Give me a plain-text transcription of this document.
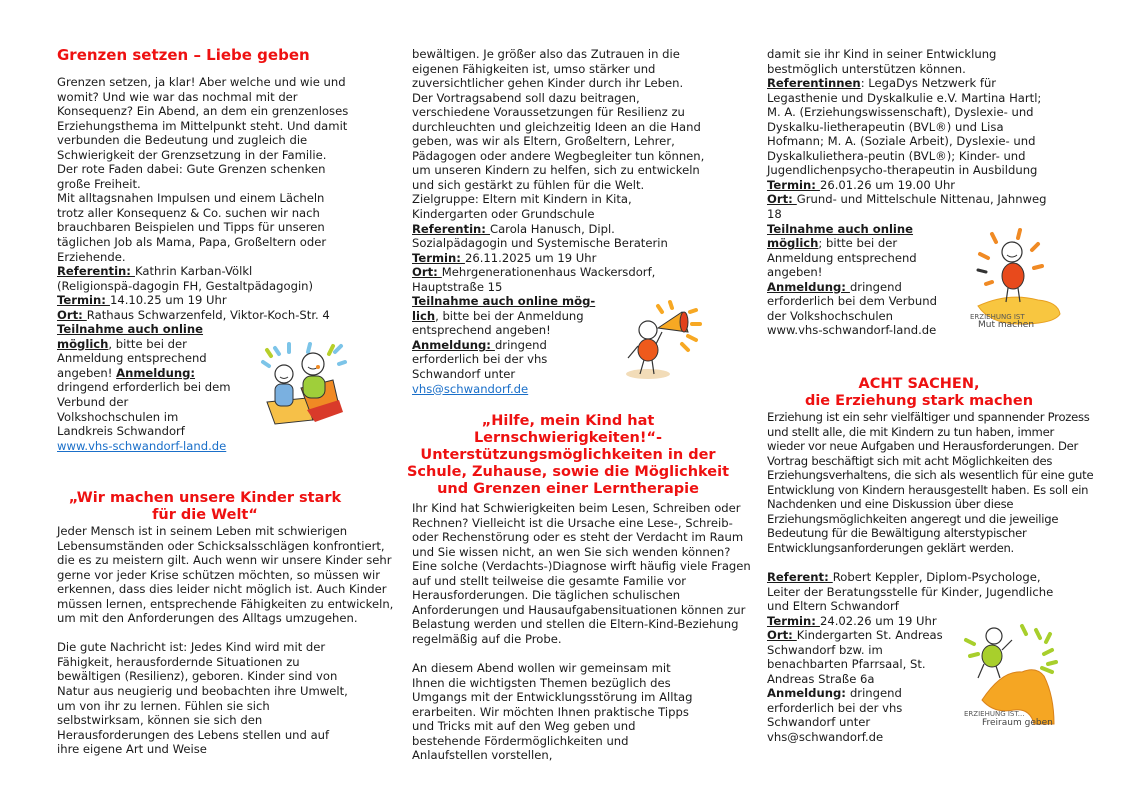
Grenzen setzen – Liebe geben

Grenzen setzen, ja klar! Aber welche und wie und

womit? Und wie war das nochmal mit der

Konsequenz? Ein Abend, an dem ein grenzenloses

Erziehungsthema im Mittelpunkt steht. Und damit

verbunden die Bedeutung und zugleich die

Schwierigkeit der Grenzsetzung in der Familie.

Der rote Faden dabei: Gute Grenzen schenken

große Freiheit.

Mit alltagsnahen Impulsen und einem Lächeln

trotz aller Konsequenz & Co. suchen wir nach

brauchbaren Beispielen und Tipps für unseren

täglichen Job als Mama, Papa, Großeltern oder

Erziehende.

Referentin: Kathrin Karban-Völkl

(Religionspä-dagogin FH, Gestaltpädagogin)

Termin: 14.10.25 um 19 Uhr

Ort: Rathaus Schwarzenfeld, Viktor-Koch-Str. 4

Teilnahme auch online

möglich, bitte bei der

Anmeldung entsprechend

angeben! Anmeldung:

dringend erforderlich bei dem

Verbund der

Volkshochschulen im

Landkreis Schwandorf

www.vhs-schwandorf-land.de

„Wir machen unsere Kinder stark

für die Welt“

Jeder Mensch ist in seinem Leben mit schwierigen

Lebensumständen oder Schicksalsschlägen konfrontiert,

die es zu meistern gilt. Auch wenn wir unsere Kinder sehr

gerne vor jeder Krise schützen möchten, so müssen wir

erkennen, dass dies leider nicht möglich ist. Auch Kinder

müssen lernen, entsprechende Fähigkeiten zu entwickeln,

um mit den Anforderungen des Alltags umzugehen.

Die gute Nachricht ist: Jedes Kind wird mit der

Fähigkeit, herausfordernde Situationen zu

bewältigen (Resilienz), geboren. Kinder sind von

Natur aus neugierig und beobachten ihre Umwelt,

um von ihr zu lernen. Fühlen sie sich

selbstwirksam, können sie sich den

Herausforderungen des Lebens stellen und auf

ihre eigene Art und Weise

bewältigen. Je größer also das Zutrauen in die

eigenen Fähigkeiten ist, umso stärker und

zuversichtlicher gehen Kinder durch ihr Leben.

Der Vortragsabend soll dazu beitragen,

verschiedene Voraussetzungen für Resilienz zu

durchleuchten und gleichzeitig Ideen an die Hand

geben, was wir als Eltern, Großeltern, Lehrer,

Pädagogen oder andere Wegbegleiter tun können,

um unseren Kindern zu helfen, sich zu entwickeln

und sich gestärkt zu fühlen für die Welt.

Zielgruppe: Eltern mit Kindern in Kita,

Kindergarten oder Grundschule

Referentin: Carola Hanusch, Dipl.

Sozialpädagogin und Systemische Beraterin

Termin: 26.11.2025 um 19 Uhr

Ort: Mehrgenerationenhaus Wackersdorf,

Hauptstraße 15

Teilnahme auch online mög-

lich, bitte bei der Anmeldung

entsprechend angeben!

Anmeldung: dringend

erforderlich bei der vhs

Schwandorf unter

vhs@schwandorf.de

„Hilfe, mein Kind hat

Lernschwierigkeiten!“-

Unterstützungsmöglichkeiten in der

Schule, Zuhause, sowie die Möglichkeit

und Grenzen einer Lerntherapie

Ihr Kind hat Schwierigkeiten beim Lesen, Schreiben oder

Rechnen? Vielleicht ist die Ursache eine Lese-, Schreib-

oder Rechenstörung oder es steht der Verdacht im Raum

und Sie wissen nicht, an wen Sie sich wenden können?

Eine solche (Verdachts-)Diagnose wirft häufig viele Fragen

auf und stellt teilweise die gesamte Familie vor

Herausforderungen. Die täglichen schulischen

Anforderungen und Hausaufgabensituationen können zur

Belastung werden und stellen die Eltern-Kind-Beziehung

regelmäßig auf die Probe.

An diesem Abend wollen wir gemeinsam mit

Ihnen die wichtigsten Themen bezüglich des

Umgangs mit der Entwicklungsstörung im Alltag

erarbeiten. Wir möchten Ihnen praktische Tipps

und Tricks mit auf den Weg geben und

bestehende Fördermöglichkeiten und

Anlaufstellen vorstellen,

damit sie ihr Kind in seiner Entwicklung

bestmöglich unterstützen können.

Referentinnen: LegaDys Netzwerk für

Legasthenie und Dyskalkulie e.V. Martina Hartl;

M. A. (Erziehungswissenschaft), Dyslexie- und

Dyskalku-lietherapeutin (BVL®) und Lisa

Hofmann; M. A. (Soziale Arbeit), Dyslexie- und

Dyskalkuliethera-peutin (BVL®); Kinder- und

Jugendlichenpsycho-therapeutin in Ausbildung

Termin: 26.01.26 um 19.00 Uhr

Ort: Grund- und Mittelschule Nittenau, Jahnweg

18

Teilnahme auch online

möglich; bitte bei der

Anmeldung entsprechend

angeben!

Anmeldung: dringend

erforderlich bei dem Verbund

der Volkshochschulen

www.vhs-schwandorf-land.de

ERZIEHUNG IST
Mut machen

ACHT SACHEN,

die Erziehung stark machen

Erziehung ist ein sehr vielfältiger und spannender Prozess

und stellt alle, die mit Kindern zu tun haben, immer

wieder vor neue Aufgaben und Herausforderungen. Der

Vortrag beschäftigt sich mit acht Möglichkeiten des

Erziehungsverhaltens, die sich als wesentlich für eine gute

Entwicklung von Kindern herausgestellt haben. Es soll ein

Nachdenken und eine Diskussion über diese

Erziehungsmöglichkeiten angeregt und die jeweilige

Bedeutung für die Bewältigung alterstypischer

Entwicklungsanforderungen geklärt werden.

Referent: Robert Keppler, Diplom-Psychologe,

Leiter der Beratungsstelle für Kinder, Jugendliche

und Eltern Schwandorf

Termin: 24.02.26 um 19 Uhr

Ort: Kindergarten St. Andreas

Schwandorf bzw. im

benachbarten Pfarrsaal, St.

Andreas Straße 6a

Anmeldung: dringend

erforderlich bei der vhs

Schwandorf unter

vhs@schwandorf.de

ERZIEHUNG IST...
Freiraum geben
